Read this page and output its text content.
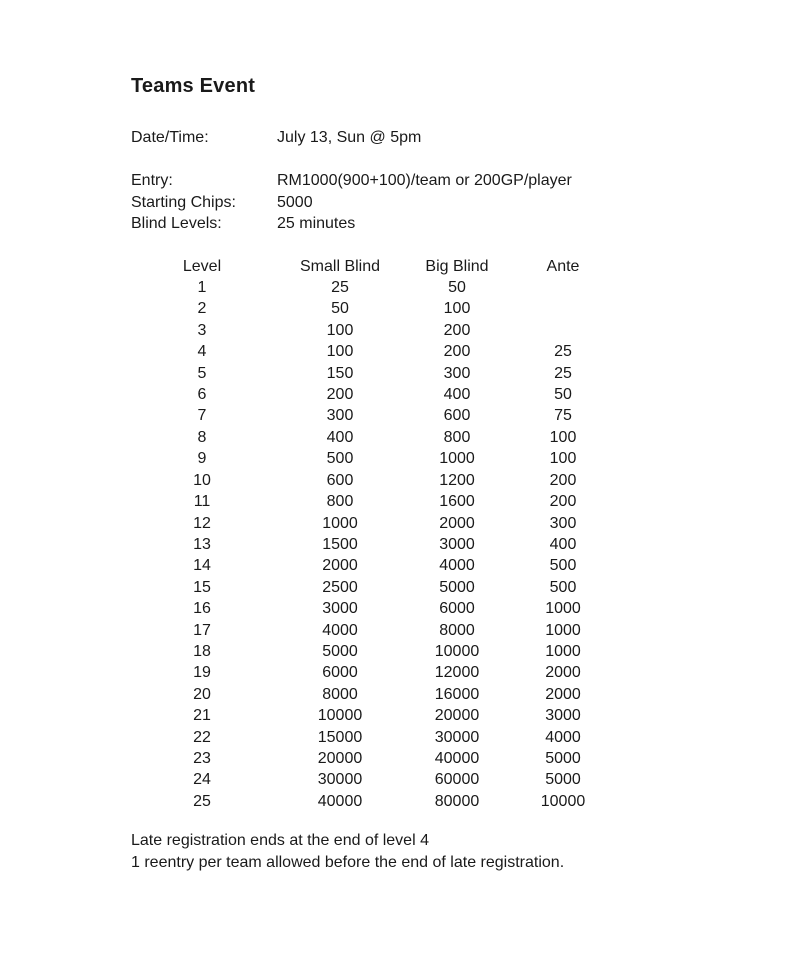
Teams Event
Date/Time:	July 13, Sun @ 5pm
Entry:	RM1000(900+100)/team or 200GP/player
Starting Chips:	5000
Blind Levels:	25 minutes
Level	Small Blind	Big Blind	Ante
1	25	50	
2	50	100	
3	100	200	
4	100	200	25
5	150	300	25
6	200	400	50
7	300	600	75
8	400	800	100
9	500	1000	100
10	600	1200	200
11	800	1600	200
12	1000	2000	300
13	1500	3000	400
14	2000	4000	500
15	2500	5000	500
16	3000	6000	1000
17	4000	8000	1000
18	5000	10000	1000
19	6000	12000	2000
20	8000	16000	2000
21	10000	20000	3000
22	15000	30000	4000
23	20000	40000	5000
24	30000	60000	5000
25	40000	80000	10000
Late registration ends at the end of level 4
1 reentry per team allowed before the end of late registration.
